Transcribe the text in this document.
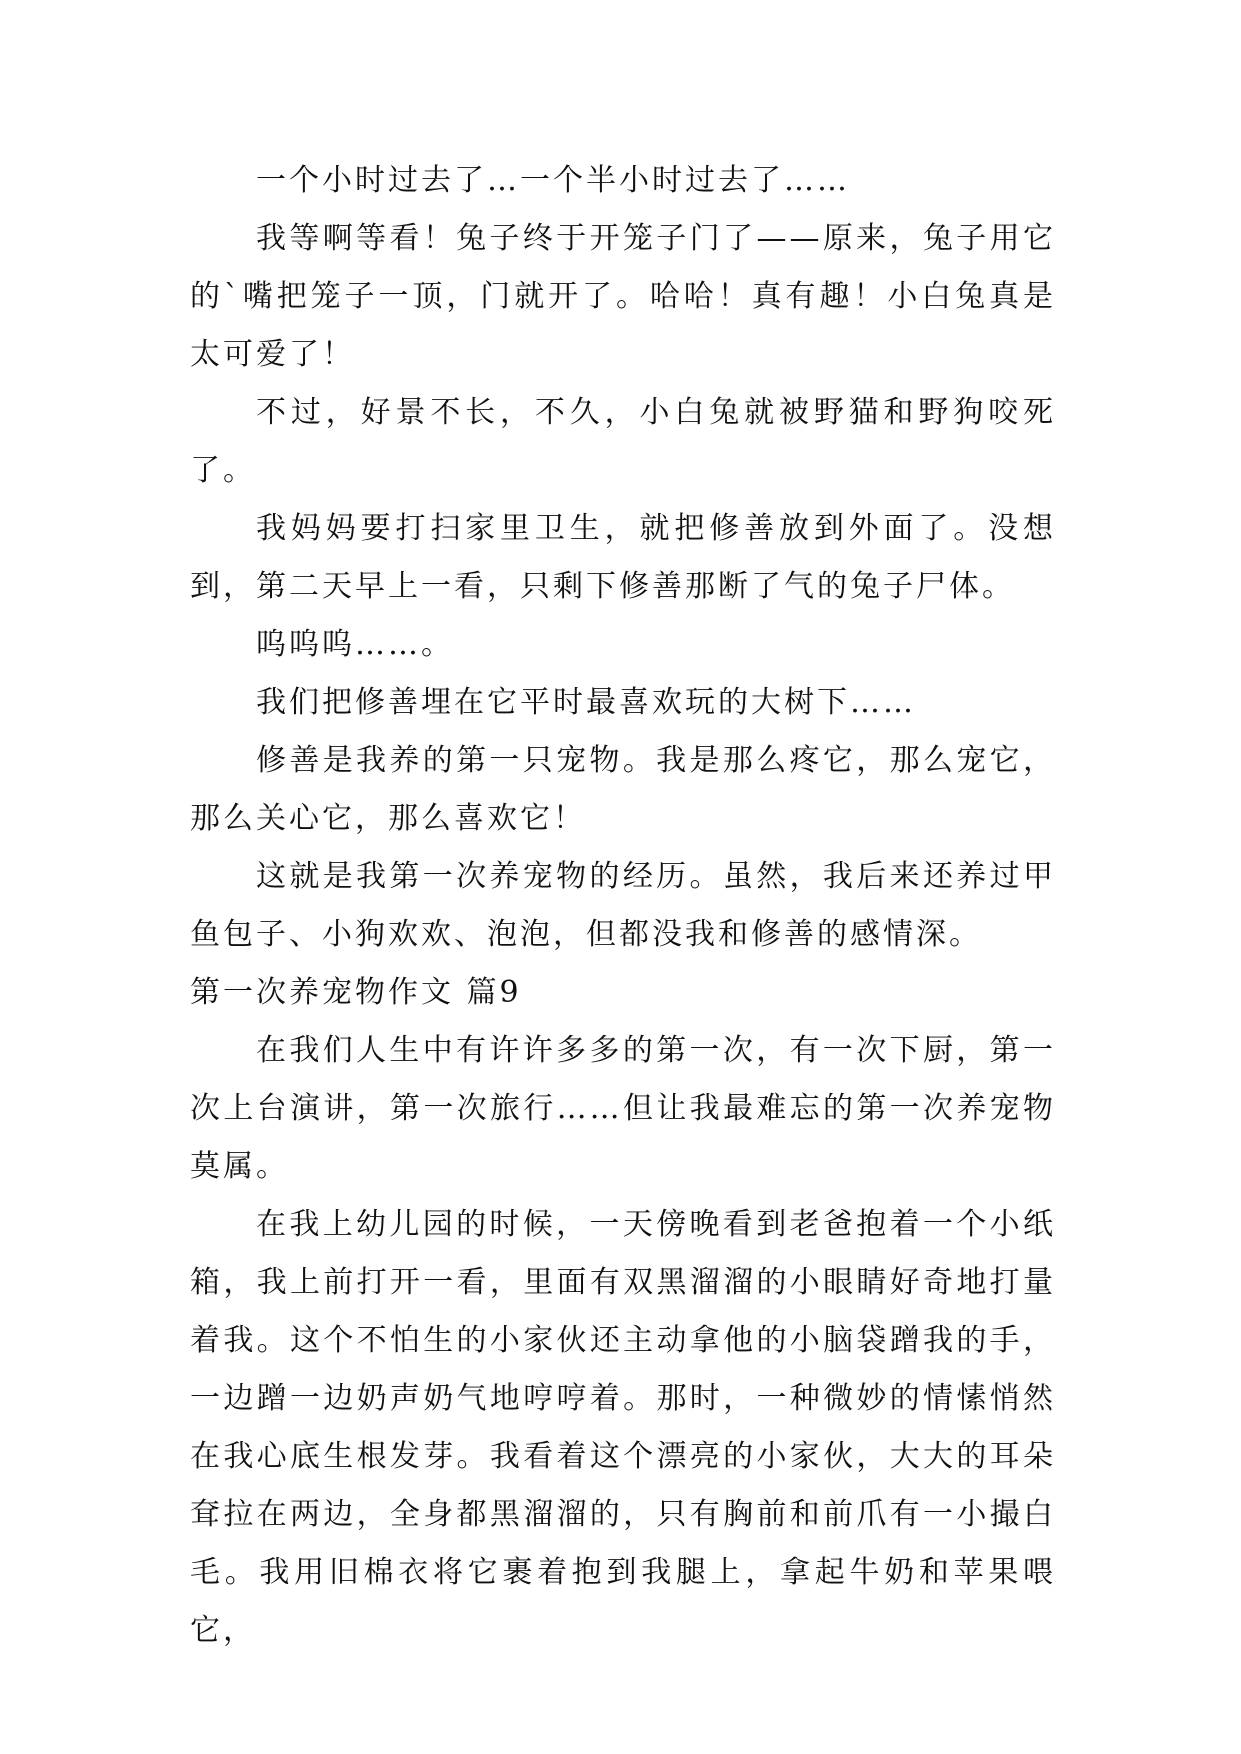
一个小时过去了…一个半小时过去了……

我等啊等看！兔子终于开笼子门了——原来，兔子用它的`嘴把笼子一顶，门就开了。哈哈！真有趣！小白兔真是太可爱了！

不过，好景不长，不久，小白兔就被野猫和野狗咬死了。

我妈妈要打扫家里卫生，就把修善放到外面了。没想到，第二天早上一看，只剩下修善那断了气的兔子尸体。

呜呜呜……。

我们把修善埋在它平时最喜欢玩的大树下……

修善是我养的第一只宠物。我是那么疼它，那么宠它，那么关心它，那么喜欢它！

这就是我第一次养宠物的经历。虽然，我后来还养过甲鱼包子、小狗欢欢、泡泡，但都没我和修善的感情深。

第一次养宠物作文 篇9

在我们人生中有许许多多的第一次，有一次下厨，第一次上台演讲，第一次旅行……但让我最难忘的第一次养宠物莫属。

在我上幼儿园的时候，一天傍晚看到老爸抱着一个小纸箱，我上前打开一看，里面有双黑溜溜的小眼睛好奇地打量着我。这个不怕生的小家伙还主动拿他的小脑袋蹭我的手，一边蹭一边奶声奶气地哼哼着。那时，一种微妙的情愫悄然在我心底生根发芽。我看着这个漂亮的小家伙，大大的耳朵耷拉在两边，全身都黑溜溜的，只有胸前和前爪有一小撮白毛。我用旧棉衣将它裹着抱到我腿上，拿起牛奶和苹果喂它，
